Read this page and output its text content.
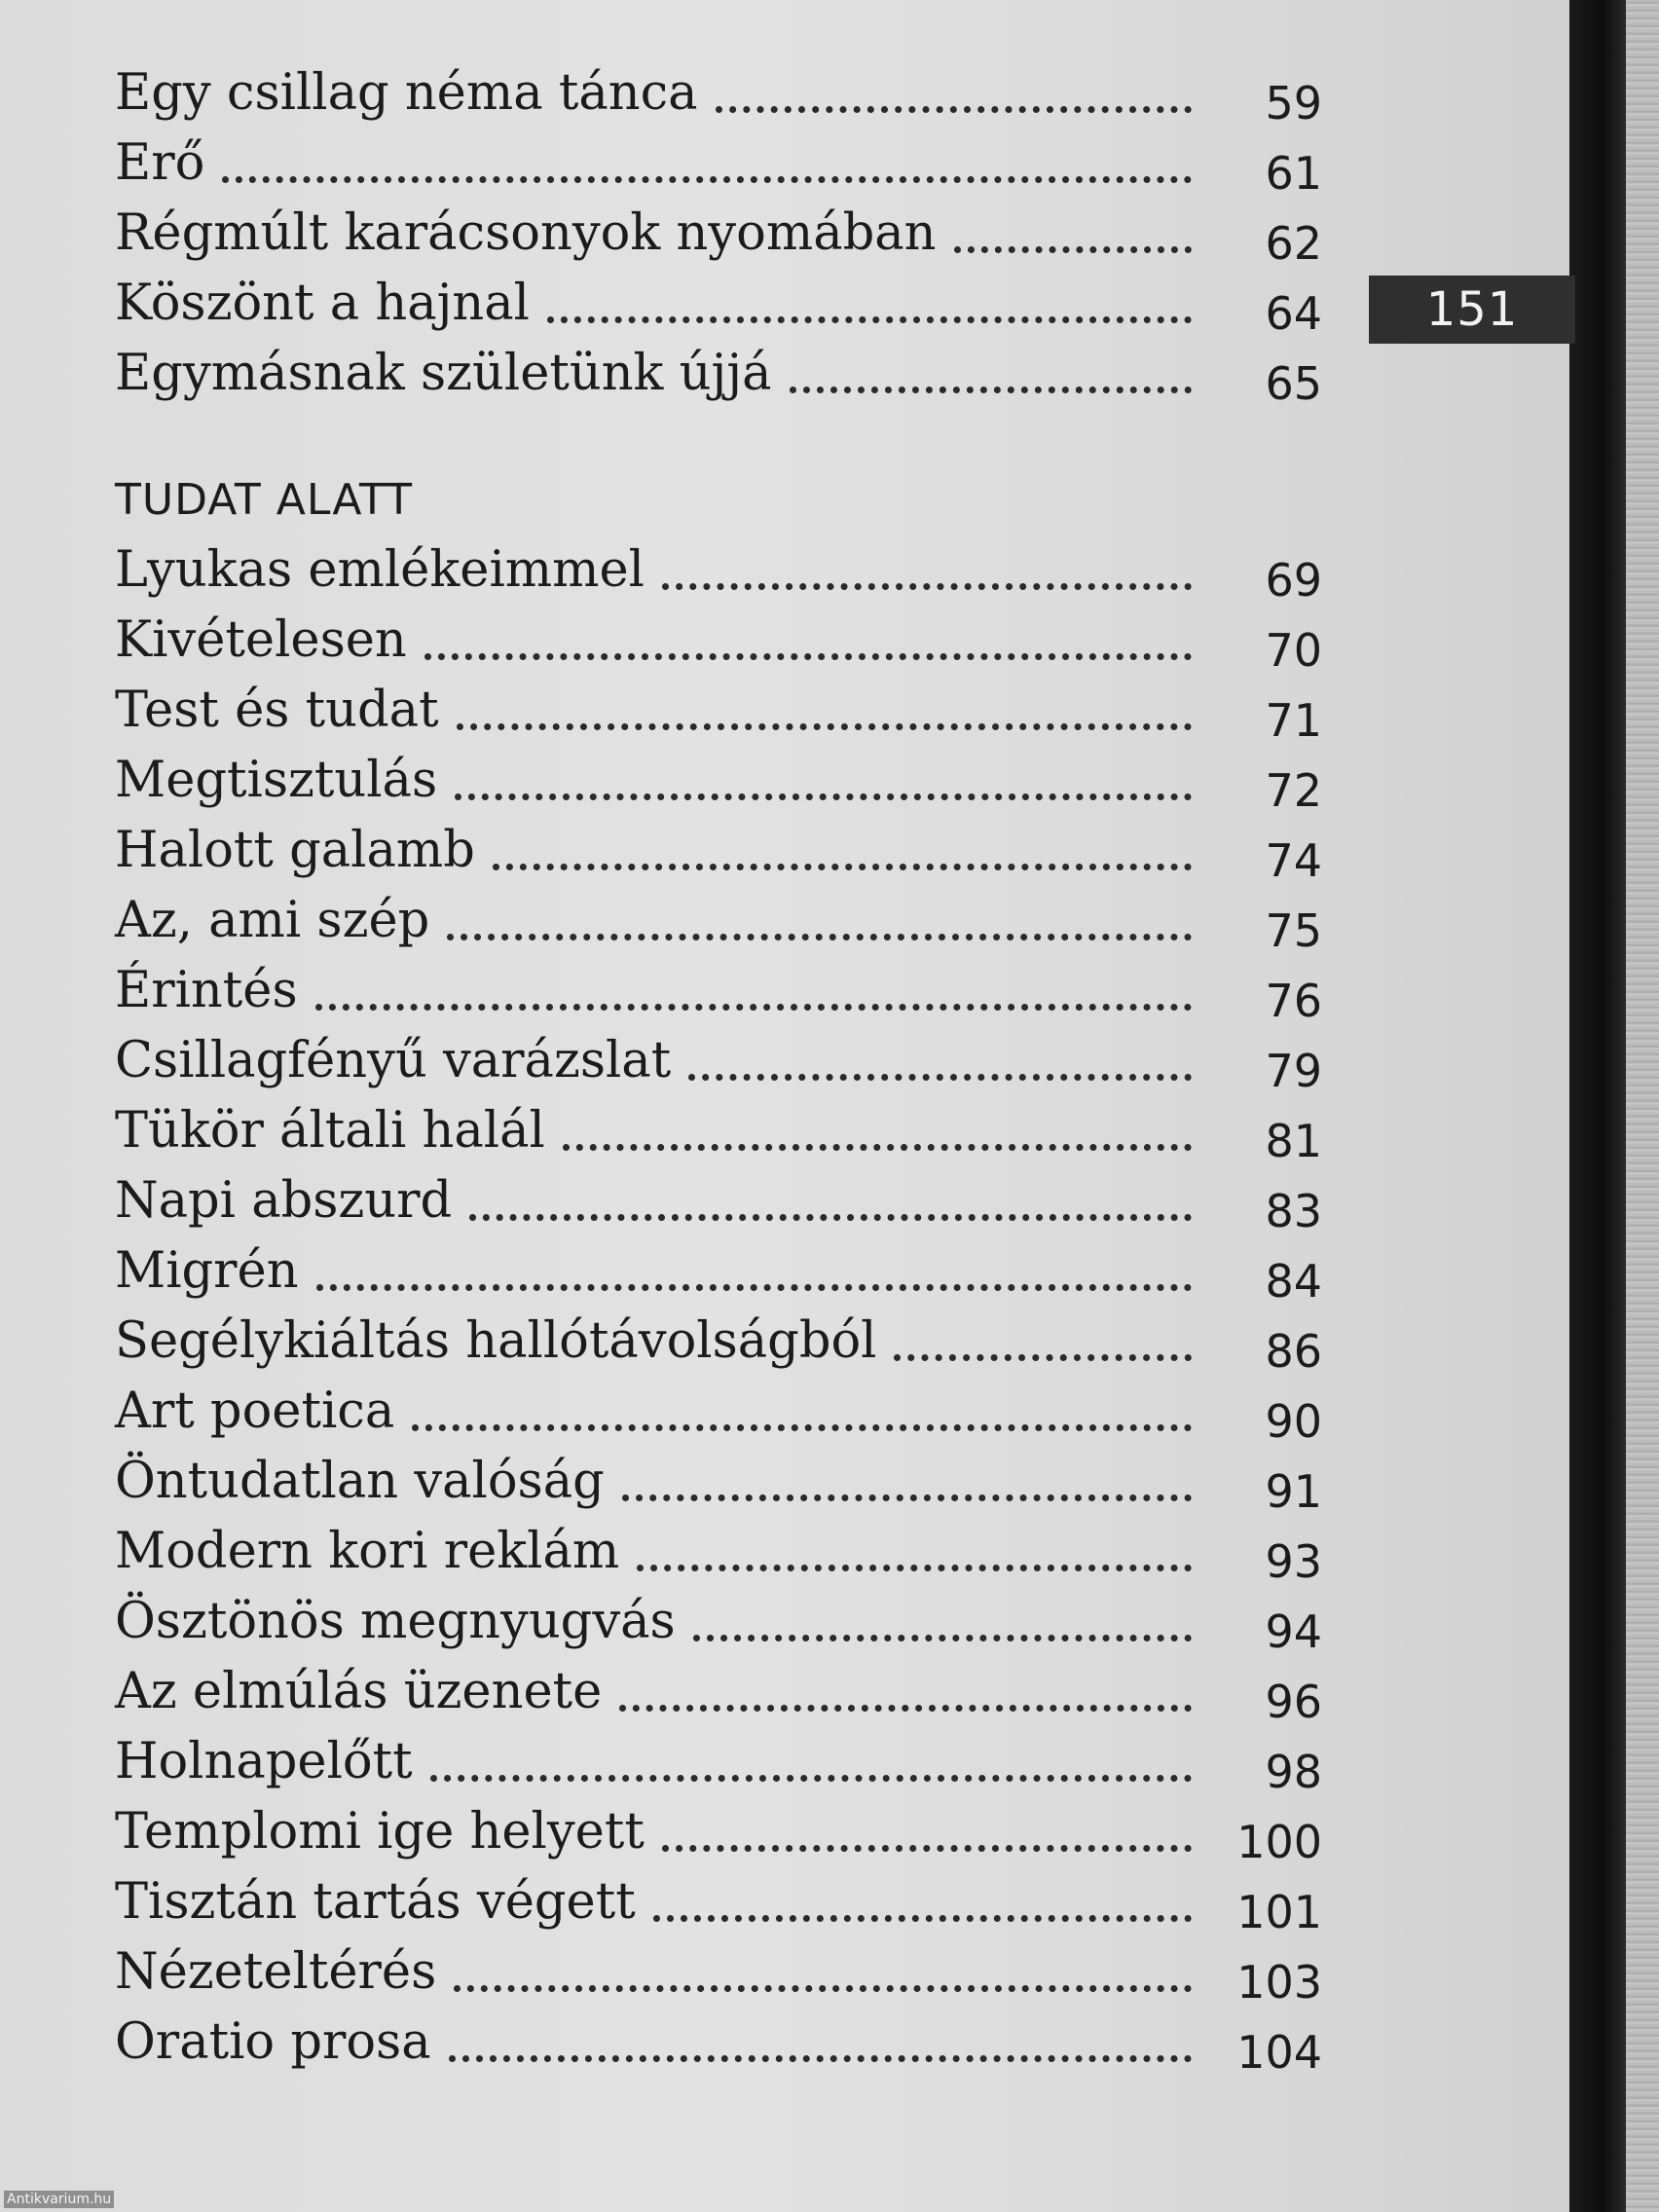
151
Egy csillag néma tánca	59
Erő	61
Régmúlt karácsonyok nyomában	62
Köszönt a hajnal	64
Egymásnak születünk újjá	65
TUDAT ALATT
Lyukas emlékeimmel	69
Kivételesen	70
Test és tudat	71
Megtisztulás	72
Halott galamb	74
Az, ami szép	75
Érintés	76
Csillagfényű varázslat	79
Tükör általi halál	81
Napi abszurd	83
Migrén	84
Segélykiáltás hallótávolságból	86
Art poetica	90
Öntudatlan valóság	91
Modern kori reklám	93
Ösztönös megnyugvás	94
Az elmúlás üzenete	96
Holnapelőtt	98
Templomi ige helyett	100
Tisztán tartás végett	101
Nézeteltérés	103
Oratio prosa	104
Antikvarium.hu
